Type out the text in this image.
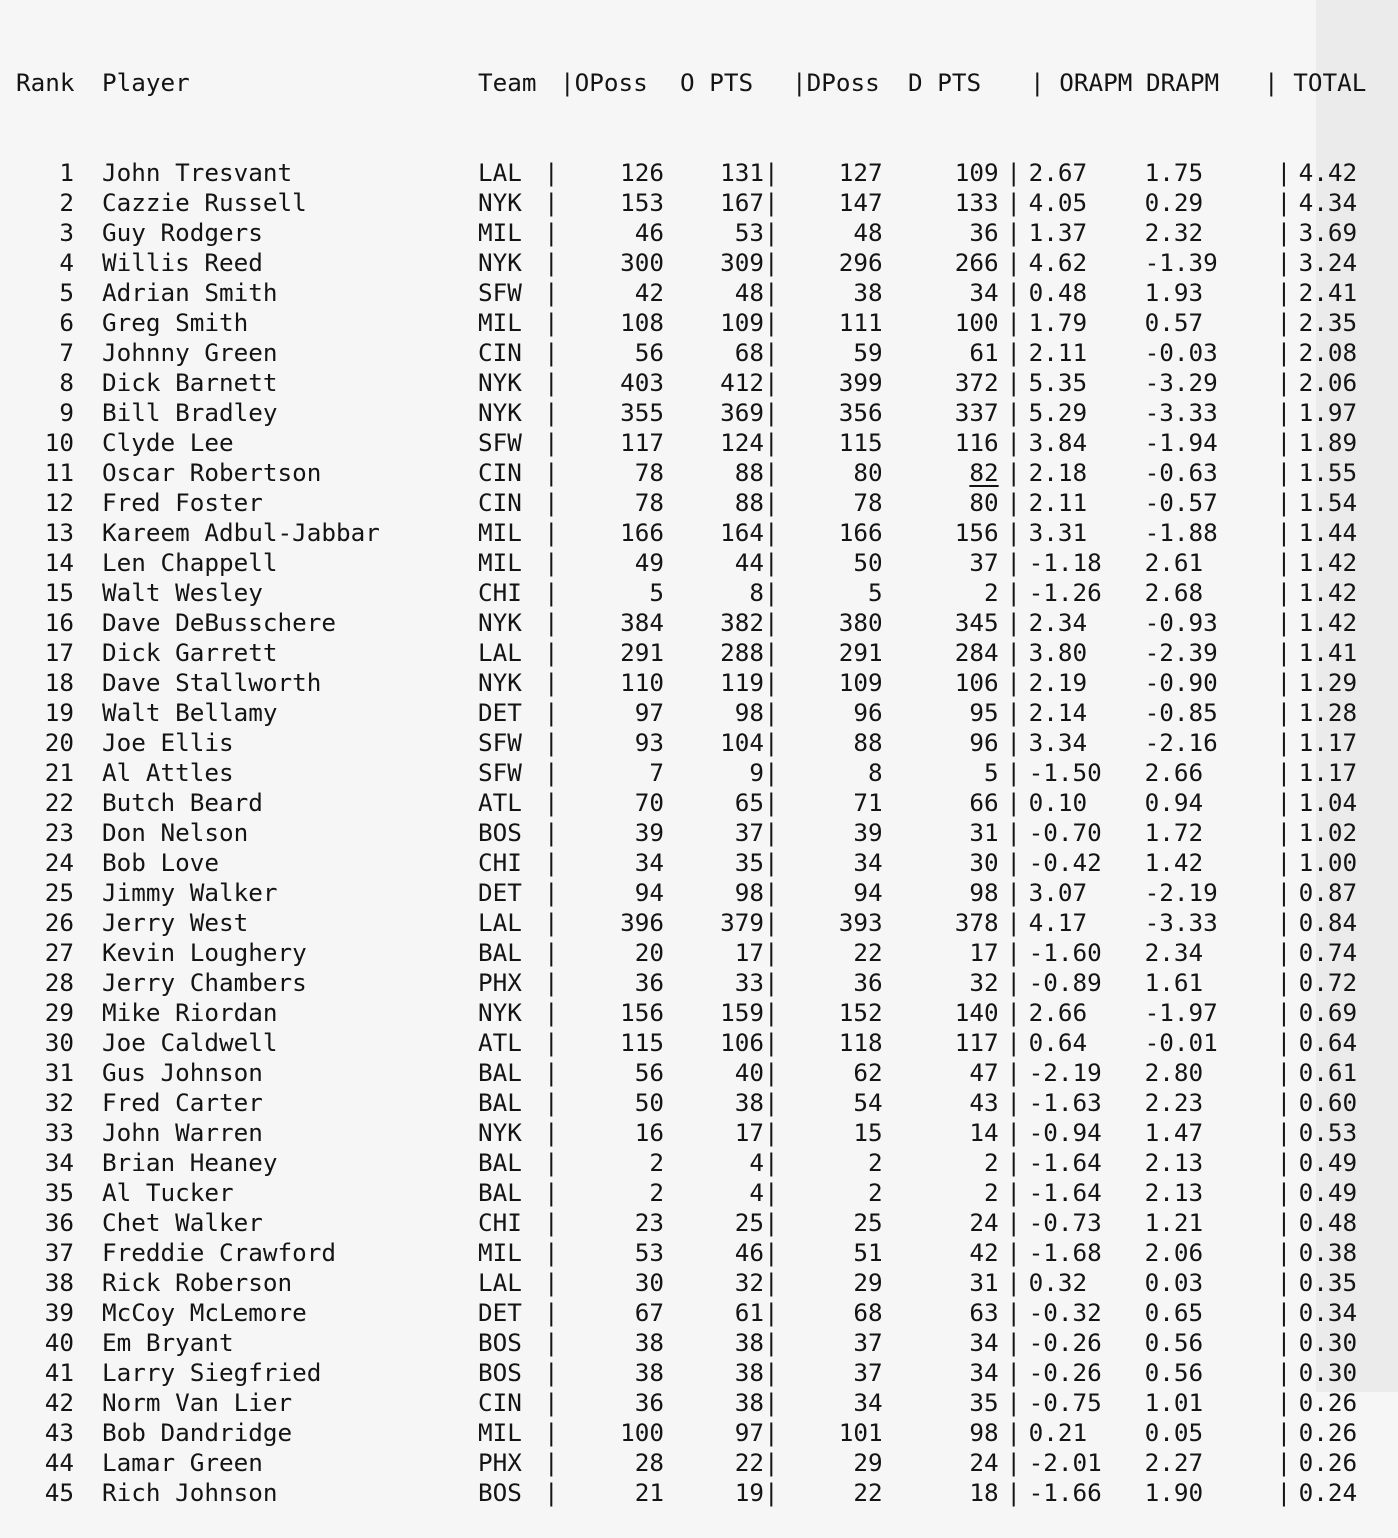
Rank Player	Team |OPoss O PTS |DPoss D PTS | ORAPM DRAPM | TOTAL

1 John Tresvant	LAL |	126 131| 127	109 | 2.67 1.75	| 4.42
2 Cazzie Russell	NYK |	153 167| 147	133 | 4.05 0.29	| 4.34
3 Guy Rodgers	MIL |	46	53|	48	36 | 1.37 2.32	| 3.69
4 Willis Reed	NYK |	300 309| 296	266 | 4.62 -1.39 | 3.24
5 Adrian Smith	SFW |	42	48|	38	34 | 0.48 1.93	| 2.41
6 Greg Smith	MIL |	108 109| 111	100 | 1.79 0.57	| 2.35
7 Johnny Green	CIN |	56	68|	59	61 | 2.11 -0.03 | 2.08
8 Dick Barnett	NYK |	403 412| 399	372 | 5.35 -3.29 | 2.06
9 Bill Bradley	NYK |	355 369| 356	337 | 5.29 -3.33 | 1.97
10 Clyde Lee	SFW |	117 124| 115	116 | 3.84 -1.94 | 1.89
11 Oscar Robertson	CIN |	78	88|	80	82 | 2.18 -0.63 | 1.55
12 Fred Foster	CIN |	78	88|	78	80 | 2.11 -0.57 | 1.54
13 Kareem Adbul-Jabbar	MIL |	166 164| 166	156 | 3.31 -1.88 | 1.44
14 Len Chappell	MIL |	49	44|	50	37 | -1.18 2.61	| 1.42
15 Walt Wesley	CHI |	5	8|	5	2 | -1.26 2.68	| 1.42
16 Dave DeBusschere	NYK |	384 382| 380	345 | 2.34 -0.93 | 1.42
17 Dick Garrett	LAL |	291 288| 291	284 | 3.80 -2.39 | 1.41
18 Dave Stallworth	NYK |	110 119| 109	106 | 2.19 -0.90 | 1.29
19 Walt Bellamy	DET |	97	98|	96	95 | 2.14 -0.85 | 1.28
20 Joe Ellis	SFW |	93 104|	88	96 | 3.34 -2.16 | 1.17
21 Al Attles	SFW |	7	9|	8	5 | -1.50 2.66	| 1.17
22 Butch Beard	ATL |	70	65|	71	66 | 0.10 0.94	| 1.04
23 Don Nelson	BOS |	39	37|	39	31 | -0.70 1.72	| 1.02
24 Bob Love	CHI |	34	35|	34	30 | -0.42 1.42	| 1.00
25 Jimmy Walker	DET |	94	98|	94	98 | 3.07 -2.19 | 0.87
26 Jerry West	LAL |	396 379| 393	378 | 4.17 -3.33 | 0.84
27 Kevin Loughery	BAL |	20	17|	22	17 | -1.60 2.34	| 0.74
28 Jerry Chambers	PHX |	36	33|	36	32 | -0.89 1.61	| 0.72
29 Mike Riordan	NYK |	156 159| 152	140 | 2.66 -1.97 | 0.69
30 Joe Caldwell	ATL |	115 106| 118	117 | 0.64 -0.01 | 0.64
31 Gus Johnson	BAL |	56	40|	62	47 | -2.19 2.80	| 0.61
32 Fred Carter	BAL |	50	38|	54	43 | -1.63 2.23	| 0.60
33 John Warren	NYK |	16	17|	15	14 | -0.94 1.47	| 0.53
34 Brian Heaney	BAL |	2	4|	2	2 | -1.64 2.13	| 0.49
35 Al Tucker	BAL |	2	4|	2	2 | -1.64 2.13	| 0.49
36 Chet Walker	CHI |	23	25|	25	24 | -0.73 1.21	| 0.48
37 Freddie Crawford	MIL |	53	46|	51	42 | -1.68 2.06	| 0.38
38 Rick Roberson	LAL |	30	32|	29	31 | 0.32 0.03	| 0.35
39 McCoy McLemore	DET |	67	61|	68	63 | -0.32 0.65	| 0.34
40 Em Bryant	BOS |	38	38|	37	34 | -0.26 0.56	| 0.30
41 Larry Siegfried	BOS |	38	38|	37	34 | -0.26 0.56	| 0.30
42 Norm Van Lier	CIN |	36	38|	34	35 | -0.75 1.01	| 0.26
43 Bob Dandridge	MIL |	100	97| 101	98 | 0.21 0.05	| 0.26
44 Lamar Green	PHX |	28	22|	29	24 | -2.01 2.27	| 0.26
45 Rich Johnson	BOS |	21	19|	22	18 | -1.66 1.90	| 0.24
